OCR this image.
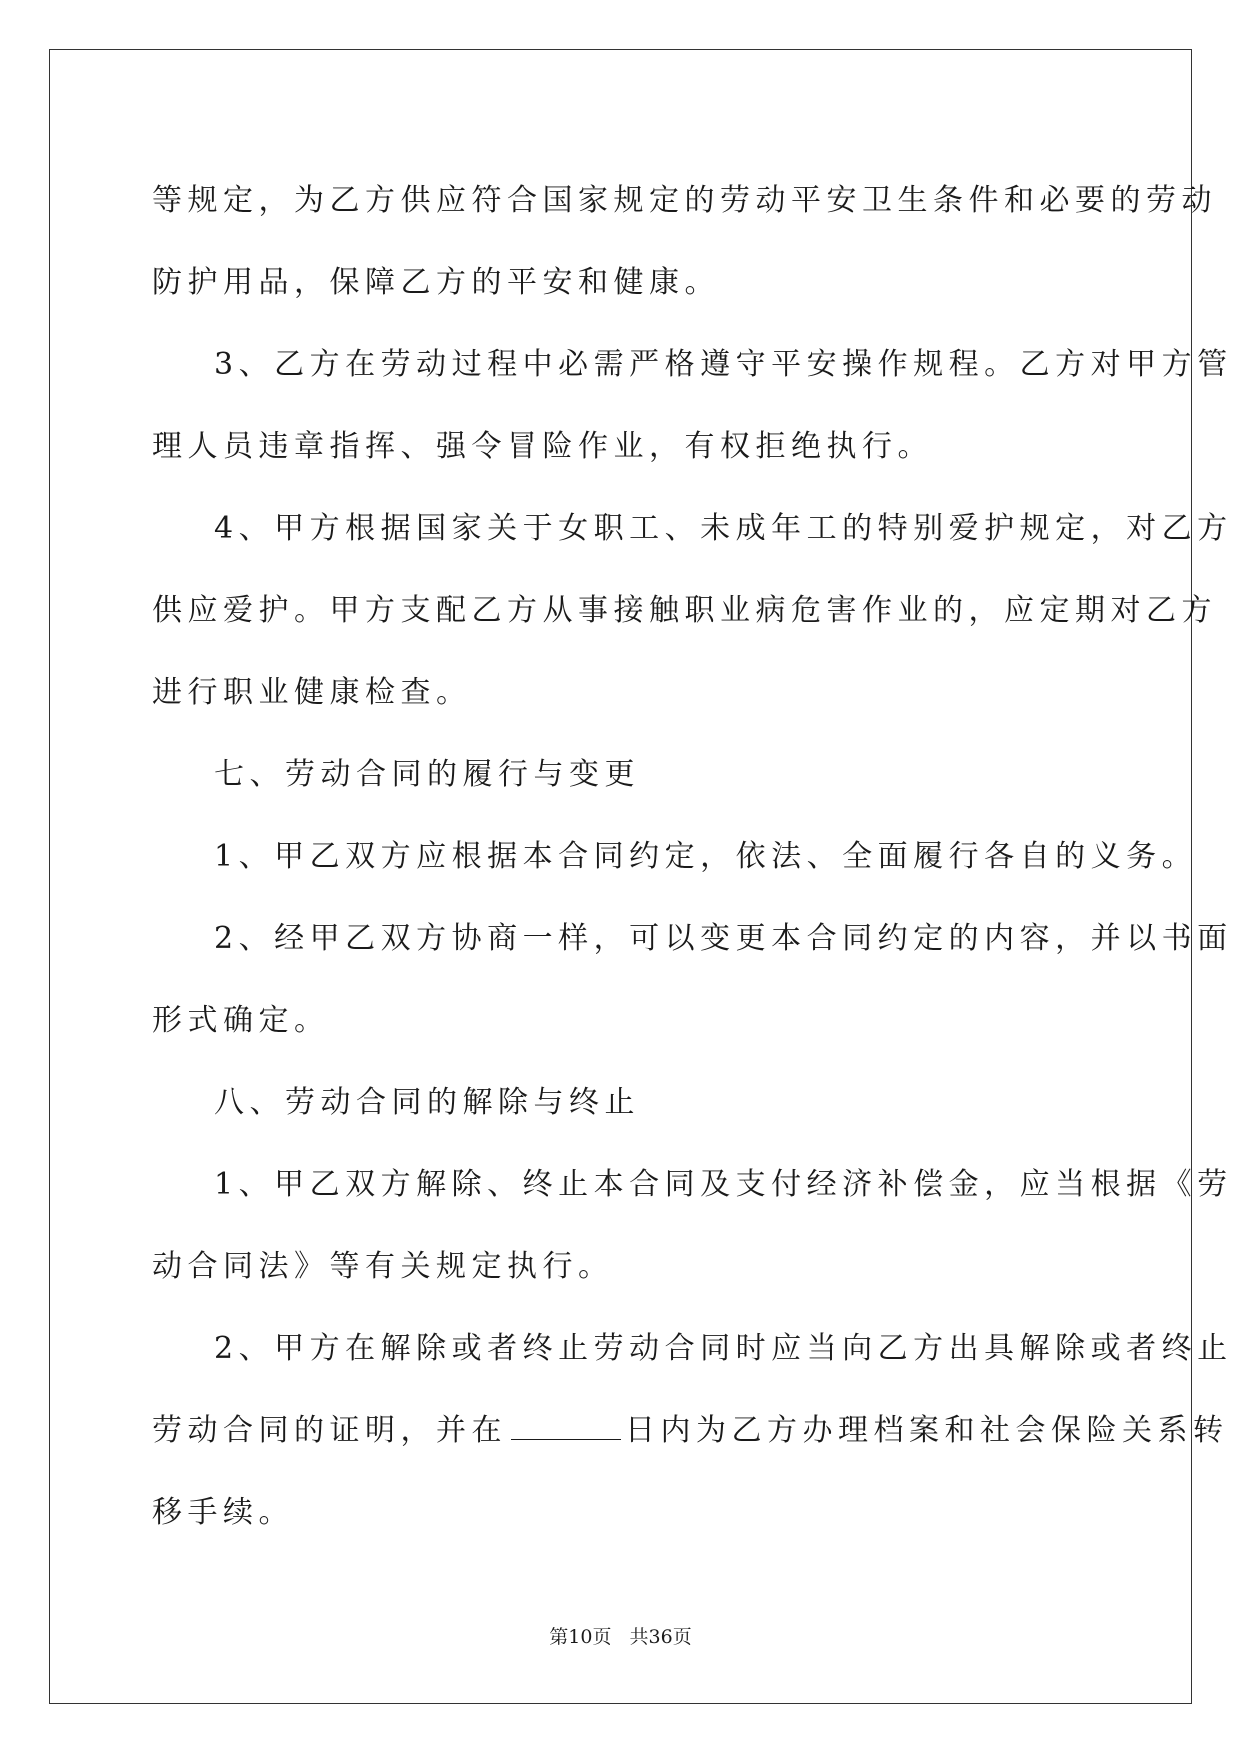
等规定，为乙方供应符合国家规定的劳动平安卫生条件和必要的劳动
防护用品，保障乙方的平安和健康。
3、乙方在劳动过程中必需严格遵守平安操作规程。乙方对甲方管
理人员违章指挥、强令冒险作业，有权拒绝执行。
4、甲方根据国家关于女职工、未成年工的特别爱护规定，对乙方
供应爱护。甲方支配乙方从事接触职业病危害作业的，应定期对乙方
进行职业健康检查。
七、劳动合同的履行与变更
1、甲乙双方应根据本合同约定，依法、全面履行各自的义务。
2、经甲乙双方协商一样，可以变更本合同约定的内容，并以书面
形式确定。
八、劳动合同的解除与终止
1、甲乙双方解除、终止本合同及支付经济补偿金，应当根据《劳
动合同法》等有关规定执行。
2、甲方在解除或者终止劳动合同时应当向乙方出具解除或者终止
劳动合同的证明，并在	日内为乙方办理档案和社会保险关系转
移手续。
第10页 共36页
